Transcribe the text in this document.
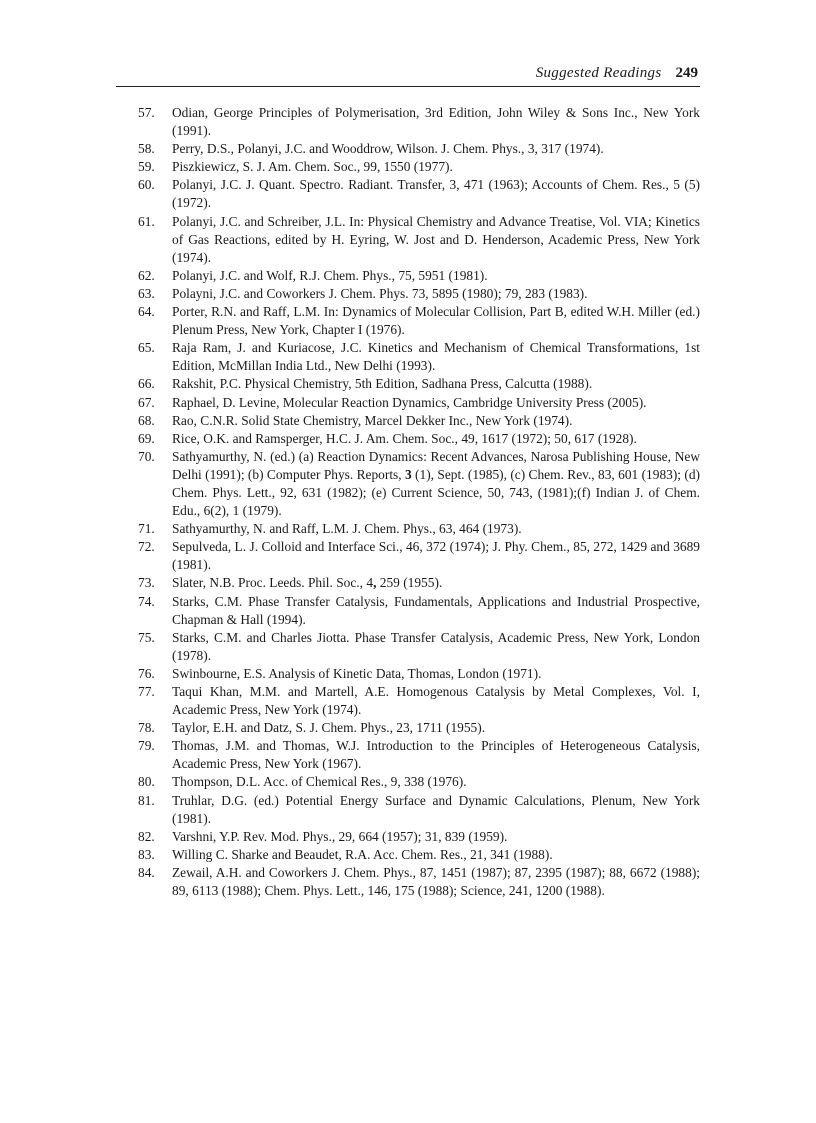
Suggested Readings 249
57.	Odian, George Principles of Polymerisation, 3rd Edition, John Wiley & Sons Inc., New York (1991).
58.	Perry, D.S., Polanyi, J.C. and Wooddrow, Wilson. J. Chem. Phys., 3, 317 (1974).
59.	Piszkiewicz, S. J. Am. Chem. Soc., 99, 1550 (1977).
60.	Polanyi, J.C. J. Quant. Spectro. Radiant. Transfer, 3, 471 (1963); Accounts of Chem. Res., 5 (5) (1972).
61.	Polanyi, J.C. and Schreiber, J.L. In: Physical Chemistry and Advance Treatise, Vol. VIA; Kinetics of Gas Reactions, edited by H. Eyring, W. Jost and D. Henderson, Academic Press, New York (1974).
62.	Polanyi, J.C. and Wolf, R.J. Chem. Phys., 75, 5951 (1981).
63.	Polayni, J.C. and Coworkers J. Chem. Phys. 73, 5895 (1980); 79, 283 (1983).
64.	Porter, R.N. and Raff, L.M. In: Dynamics of Molecular Collision, Part B, edited W.H. Miller (ed.) Plenum Press, New York, Chapter I (1976).
65.	Raja Ram, J. and Kuriacose, J.C. Kinetics and Mechanism of Chemical Transformations, 1st Edition, McMillan India Ltd., New Delhi (1993).
66.	Rakshit, P.C. Physical Chemistry, 5th Edition, Sadhana Press, Calcutta (1988).
67.	Raphael, D. Levine, Molecular Reaction Dynamics, Cambridge University Press (2005).
68.	Rao, C.N.R. Solid State Chemistry, Marcel Dekker Inc., New York (1974).
69.	Rice, O.K. and Ramsperger, H.C. J. Am. Chem. Soc., 49, 1617 (1972); 50, 617 (1928).
70.	Sathyamurthy, N. (ed.) (a) Reaction Dynamics: Recent Advances, Narosa Publishing House, New Delhi (1991); (b) Computer Phys. Reports, 3 (1), Sept. (1985), (c) Chem. Rev., 83, 601 (1983); (d) Chem. Phys. Lett., 92, 631 (1982); (e) Current Science, 50, 743, (1981);(f) Indian J. of Chem. Edu., 6(2), 1 (1979).
71.	Sathyamurthy, N. and Raff, L.M. J. Chem. Phys., 63, 464 (1973).
72.	Sepulveda, L. J. Colloid and Interface Sci., 46, 372 (1974); J. Phy. Chem., 85, 272, 1429 and 3689 (1981).
73.	Slater, N.B. Proc. Leeds. Phil. Soc., 4, 259 (1955).
74.	Starks, C.M. Phase Transfer Catalysis, Fundamentals, Applications and Industrial Prospective, Chapman & Hall (1994).
75.	Starks, C.M. and Charles Jiotta. Phase Transfer Catalysis, Academic Press, New York, London (1978).
76.	Swinbourne, E.S. Analysis of Kinetic Data, Thomas, London (1971).
77.	Taqui Khan, M.M. and Martell, A.E. Homogenous Catalysis by Metal Complexes, Vol. I, Academic Press, New York (1974).
78.	Taylor, E.H. and Datz, S. J. Chem. Phys., 23, 1711 (1955).
79.	Thomas, J.M. and Thomas, W.J. Introduction to the Principles of Heterogeneous Catalysis, Academic Press, New York (1967).
80.	Thompson, D.L. Acc. of Chemical Res., 9, 338 (1976).
81.	Truhlar, D.G. (ed.) Potential Energy Surface and Dynamic Calculations, Plenum, New York (1981).
82.	Varshni, Y.P. Rev. Mod. Phys., 29, 664 (1957); 31, 839 (1959).
83.	Willing C. Sharke and Beaudet, R.A. Acc. Chem. Res., 21, 341 (1988).
84.	Zewail, A.H. and Coworkers J. Chem. Phys., 87, 1451 (1987); 87, 2395 (1987); 88, 6672 (1988); 89, 6113 (1988); Chem. Phys. Lett., 146, 175 (1988); Science, 241, 1200 (1988).
